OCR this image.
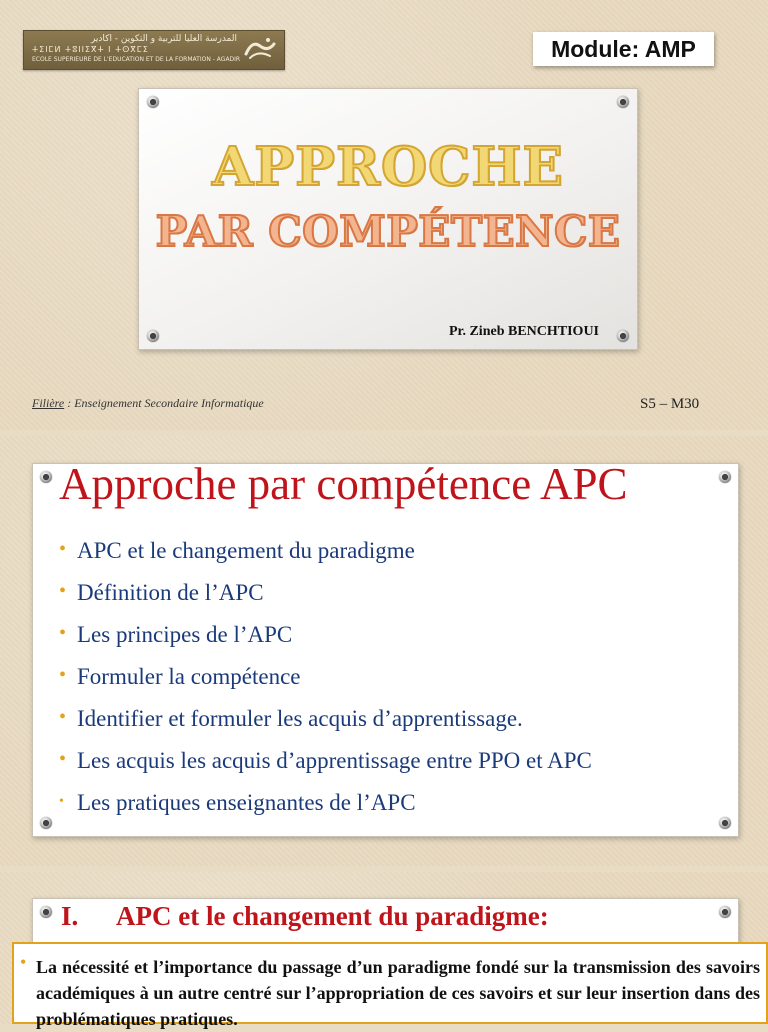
المدرسة العليا للتربية و التكوين - أكادير
ⵜⵉⵏⵎⵍ ⵜⵓⵏⵏⵉⴳⵜ ⵏ ⵜⵙⴳⵎⵉ
ECOLE SUPERIEURE DE L'EDUCATION ET DE LA FORMATION - AGADIR	Module: AMP
APPROCHE
PAR COMPÉTENCE
Pr. Zineb BENCHTIOUI
Filière : Enseignement Secondaire Informatique	S5 – M30
Approche par compétence APC
• APC et le changement du paradigme
• Définition de l’APC
• Les principes de l’APC
• Formuler la compétence
• Identifier et formuler les acquis d’apprentissage.
• Les acquis les acquis d’apprentissage entre PPO et APC
• Les pratiques enseignantes de l’APC
I. APC et le changement du paradigme:
• La nécessité et l’importance du passage d’un paradigme fondé sur la transmission des savoirs académiques à un autre centré sur l’appropriation de ces savoirs et sur leur insertion dans des problématiques pratiques.
